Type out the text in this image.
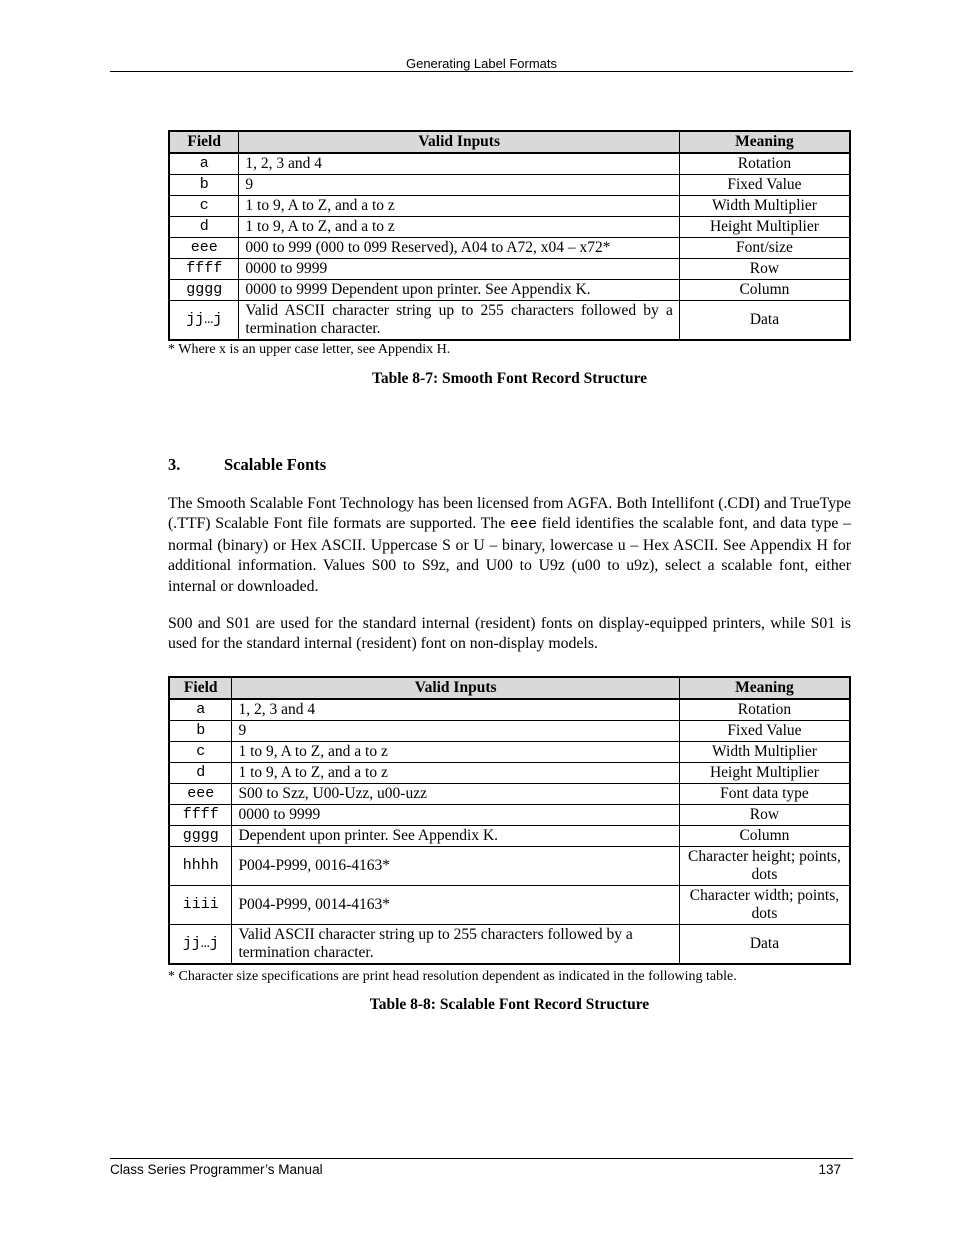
Generating Label Formats
Field	Valid Inputs	Meaning
a	1, 2, 3 and 4	Rotation
b	9	Fixed Value
c	1 to 9, A to Z, and a to z	Width Multiplier
d	1 to 9, A to Z, and a to z	Height Multiplier
eee	000 to 999 (000 to 099 Reserved), A04 to A72, x04 – x72*	Font/size
ffff	0000 to 9999	Row
gggg	0000 to 9999 Dependent upon printer. See Appendix K.	Column
jj…j	Valid ASCII character string up to 255 characters followed by a termination character.	Data
* Where x is an upper case letter, see Appendix H.
Table 8-7: Smooth Font Record Structure
3.	Scalable Fonts

The Smooth Scalable Font Technology has been licensed from AGFA. Both Intellifont (.CDI) and TrueType (.TTF) Scalable Font file formats are supported. The eee field identifies the scalable font, and data type – normal (binary) or Hex ASCII. Uppercase S or U – binary, lowercase u – Hex ASCII. See Appendix H for additional information. Values S00 to S9z, and U00 to U9z (u00 to u9z), select a scalable font, either internal or downloaded.

S00 and S01 are used for the standard internal (resident) fonts on display-equipped printers, while S01 is used for the standard internal (resident) font on non-display models.

Field	Valid Inputs	Meaning
a	1, 2, 3 and 4	Rotation
b	9	Fixed Value
c	1 to 9, A to Z, and a to z	Width Multiplier
d	1 to 9, A to Z, and a to z	Height Multiplier
eee	S00 to Szz, U00-Uzz, u00-uzz	Font data type
ffff	0000 to 9999	Row
gggg	Dependent upon printer. See Appendix K.	Column
hhhh	P004-P999, 0016-4163*	Character height; points, dots
iiii	P004-P999, 0014-4163*	Character width; points, dots
jj…j	Valid ASCII character string up to 255 characters followed by a termination character.	Data
* Character size specifications are print head resolution dependent as indicated in the following table.
Table 8-8: Scalable Font Record Structure
Class Series Programmer’s Manual	137
